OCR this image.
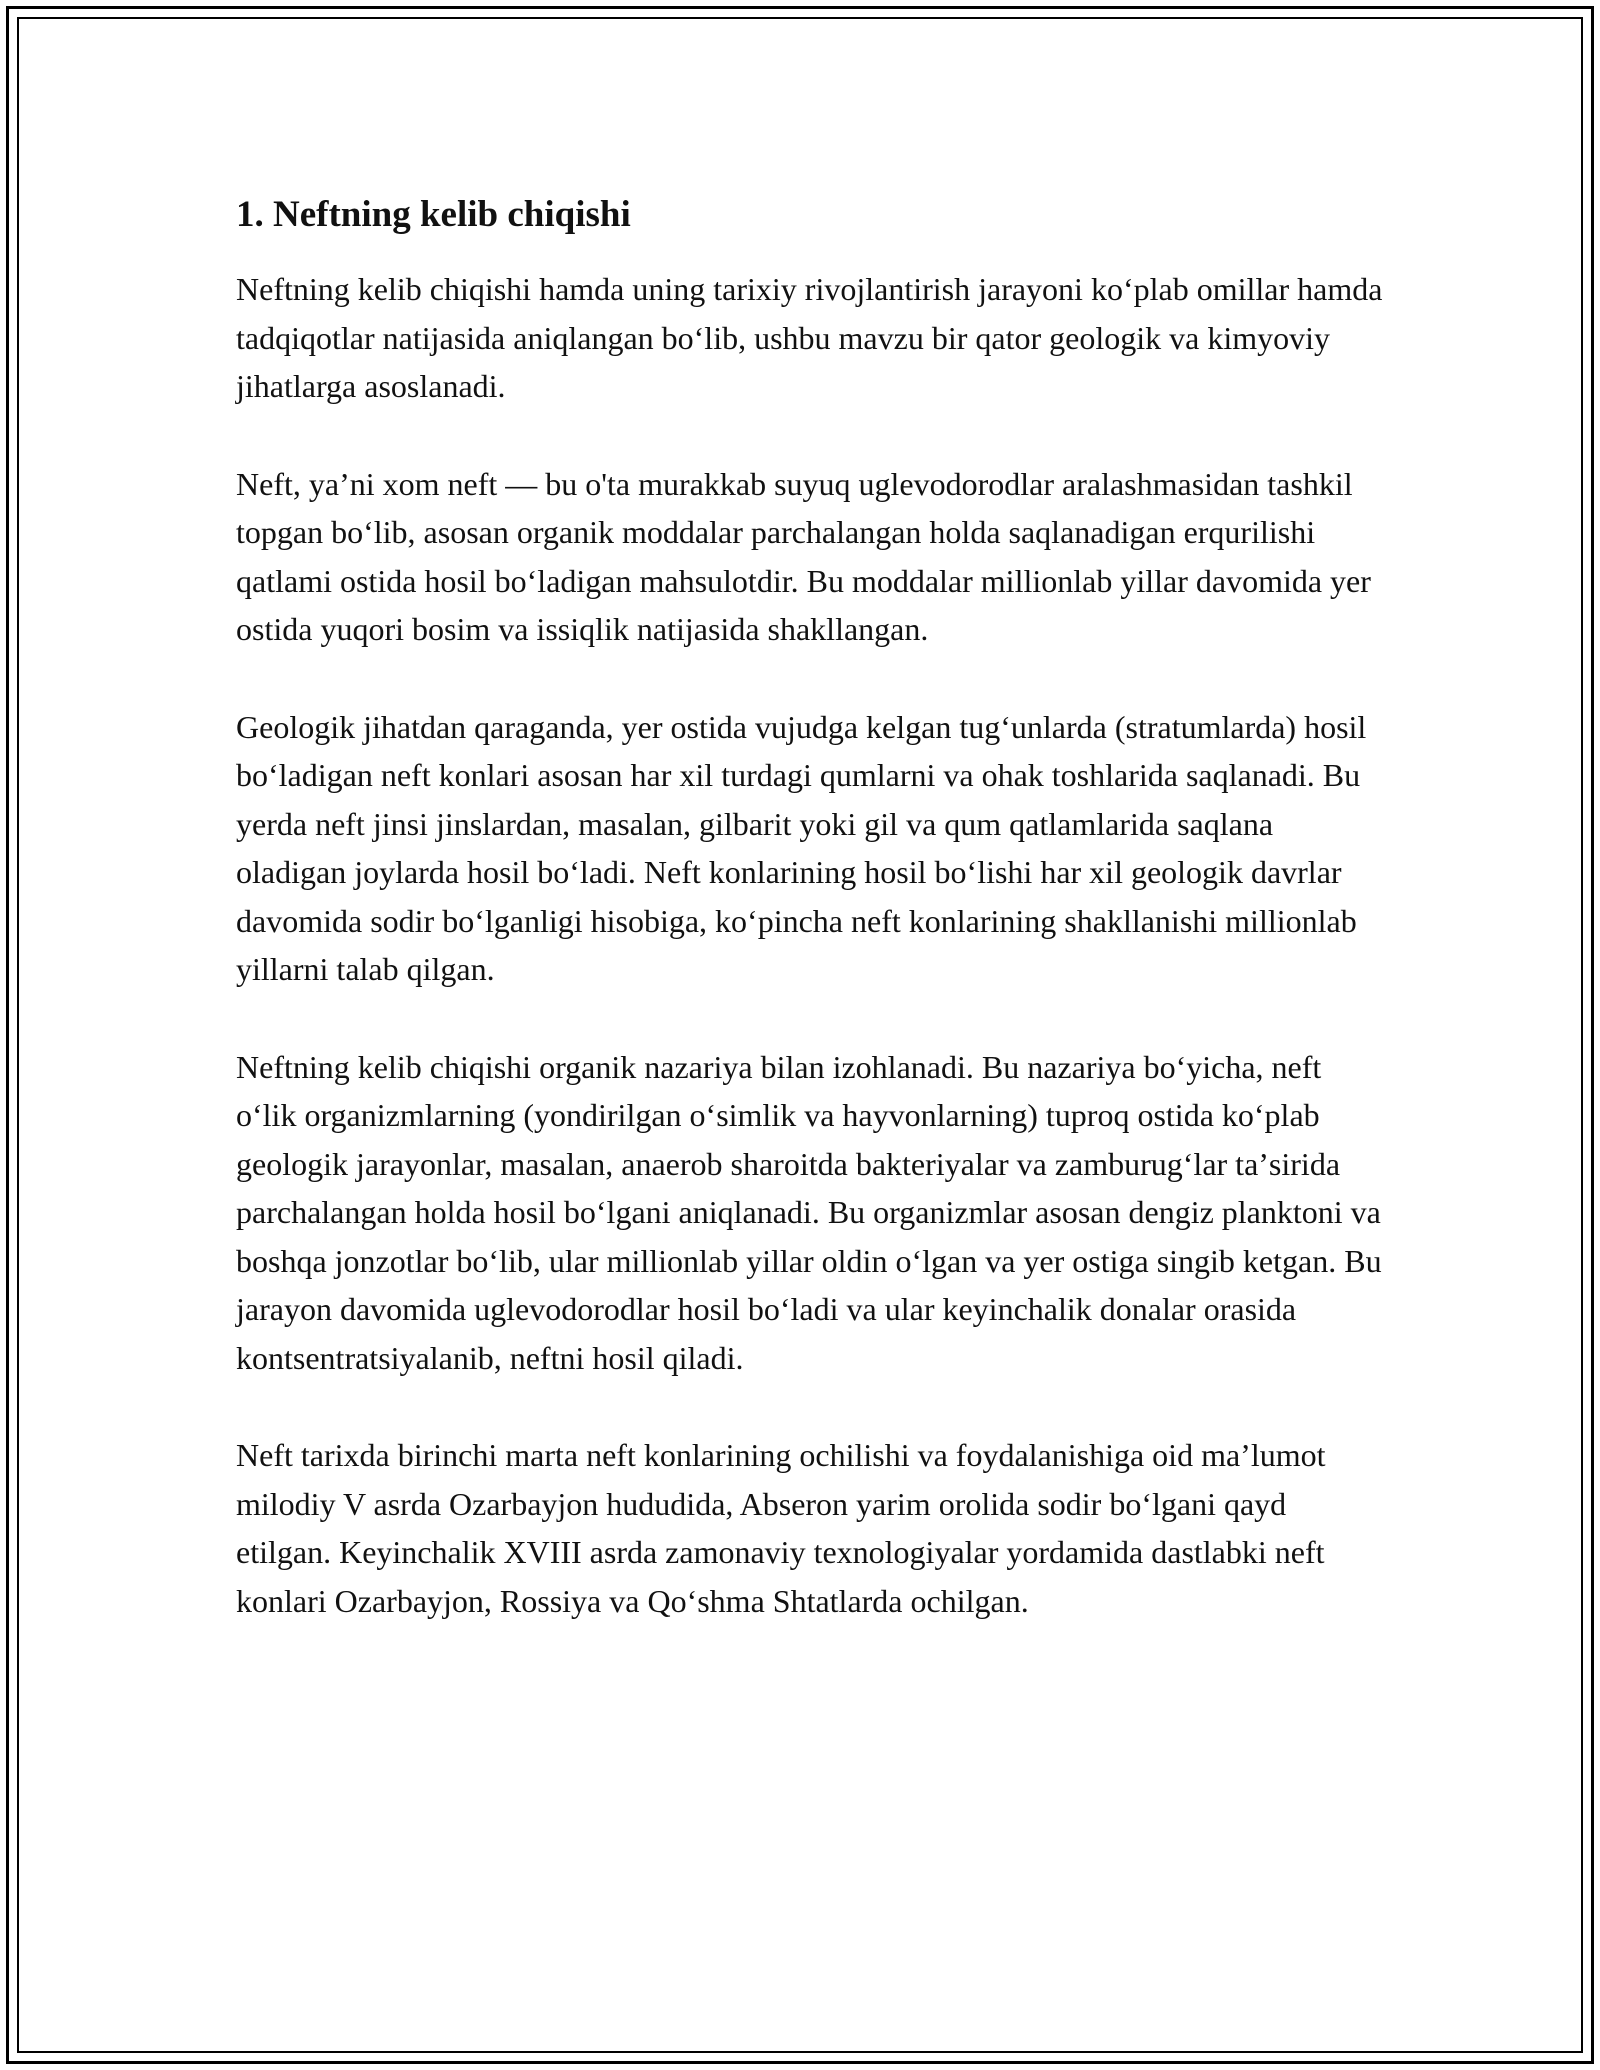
1. Neftning kelib chiqishi

Neftning kelib chiqishi hamda uning tarixiy rivojlantirish jarayoni koʻplab omillar hamda tadqiqotlar natijasida aniqlangan boʻlib, ushbu mavzu bir qator geologik va kimyoviy jihatlarga asoslanadi.

Neft, yaʼni xom neft — bu o'ta murakkab suyuq uglevodorodlar aralashmasidan tashkil topgan boʻlib, asosan organik moddalar parchalangan holda saqlanadigan erqurilishi qatlami ostida hosil boʻladigan mahsulotdir. Bu moddalar millionlab yillar davomida yer ostida yuqori bosim va issiqlik natijasida shakllangan.

Geologik jihatdan qaraganda, yer ostida vujudga kelgan tugʻunlarda (stratumlarda) hosil boʻladigan neft konlari asosan har xil turdagi qumlarni va ohak toshlarida saqlanadi. Bu yerda neft jinsi jinslardan, masalan, gilbarit yoki gil va qum qatlamlarida saqlana oladigan joylarda hosil boʻladi. Neft konlarining hosil boʻlishi har xil geologik davrlar davomida sodir boʻlganligi hisobiga, koʻpincha neft konlarining shakllanishi millionlab yillarni talab qilgan.

Neftning kelib chiqishi organik nazariya bilan izohlanadi. Bu nazariya boʻyicha, neft oʻlik organizmlarning (yondirilgan oʻsimlik va hayvonlarning) tuproq ostida koʻplab geologik jarayonlar, masalan, anaerob sharoitda bakteriyalar va zamburugʻlar taʼsirida parchalangan holda hosil boʻlgani aniqlanadi. Bu organizmlar asosan dengiz planktoni va boshqa jonzotlar boʻlib, ular millionlab yillar oldin oʻlgan va yer ostiga singib ketgan. Bu jarayon davomida uglevodorodlar hosil boʻladi va ular keyinchalik donalar orasida kontsentratsiyalanib, neftni hosil qiladi.

Neft tarixda birinchi marta neft konlarining ochilishi va foydalanishiga oid maʼlumot milodiy V asrda Ozarbayjon hududida, Abseron yarim orolida sodir boʻlgani qayd etilgan. Keyinchalik XVIII asrda zamonaviy texnologiyalar yordamida dastlabki neft konlari Ozarbayjon, Rossiya va Qoʻshma Shtatlarda ochilgan.
